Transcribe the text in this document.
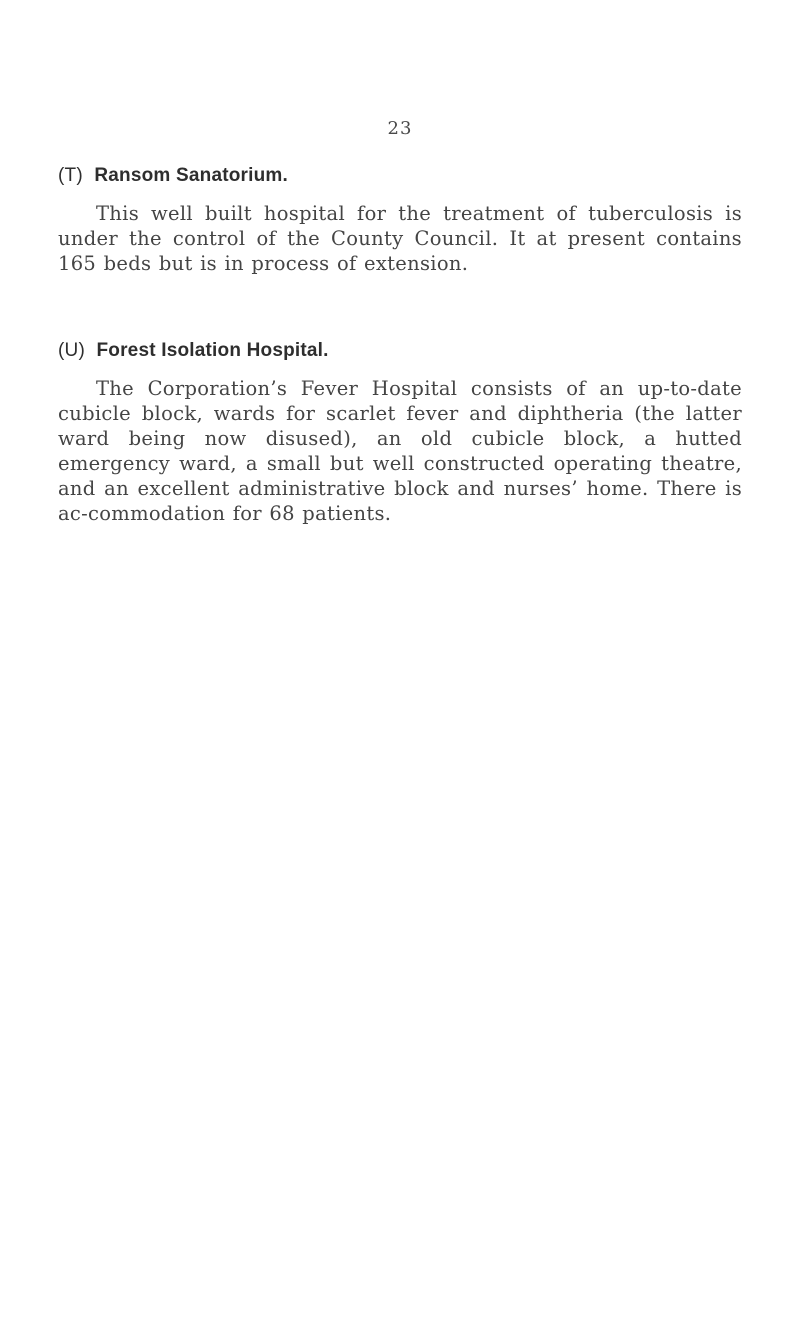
23
(T) Ransom Sanatorium.

This well built hospital for the treatment of tuberculosis is under the control of the County Council. It at present contains 165 beds but is in process of extension.

(U) Forest Isolation Hospital.

The Corporation’s Fever Hospital consists of an up-to-date cubicle block, wards for scarlet fever and diphtheria (the latter ward being now disused), an old cubicle block, a hutted emergency ward, a small but well constructed operating theatre, and an excellent administrative block and nurses’ home. There is ac-commodation for 68 patients.
